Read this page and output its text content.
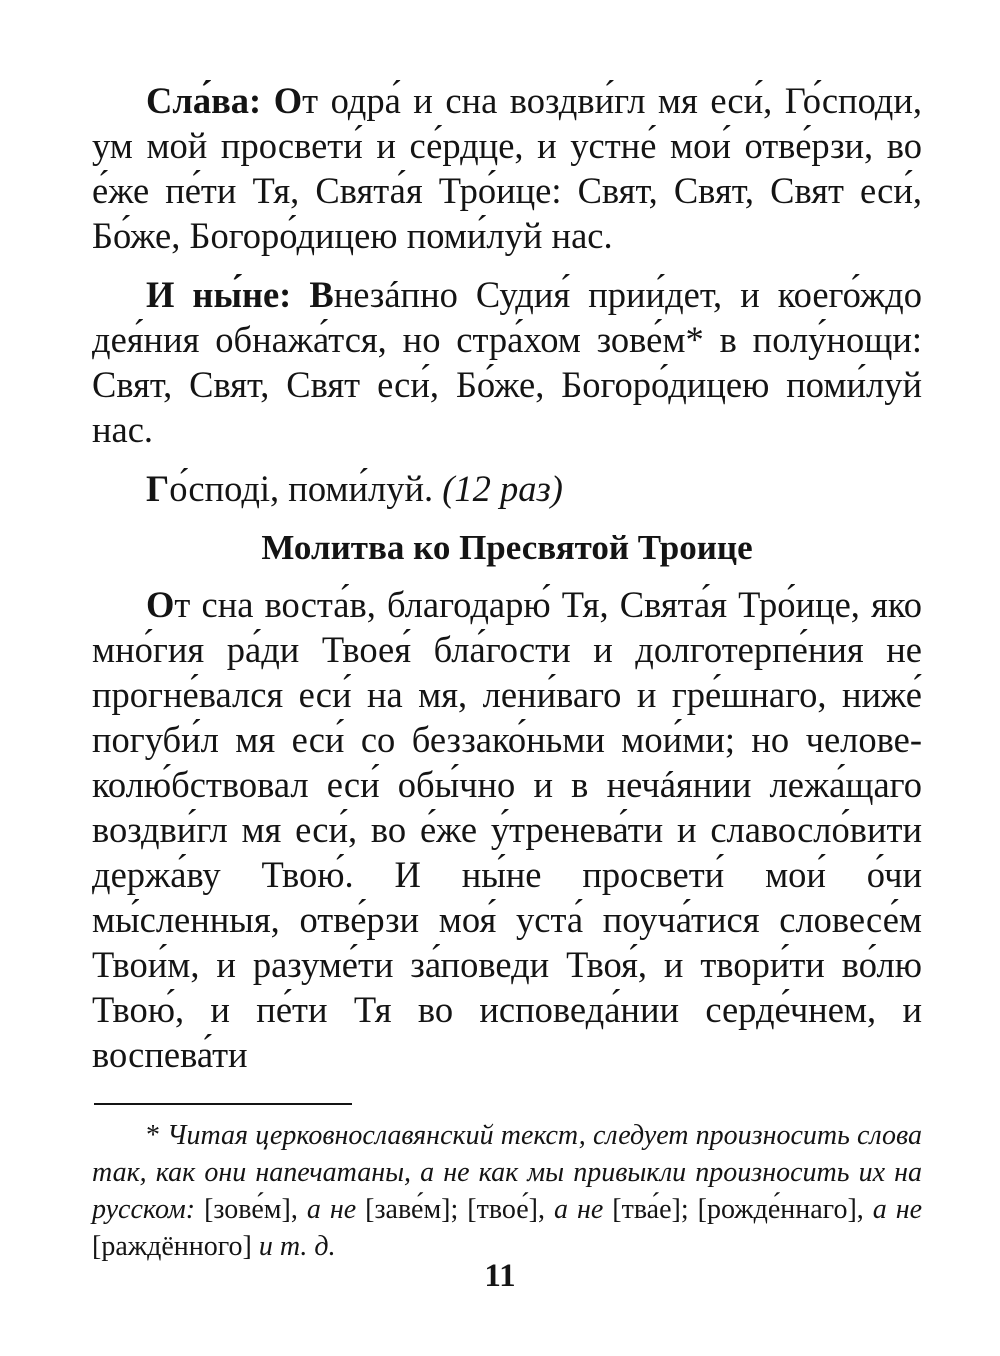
Сла́ва: От одра́ и сна воздви́гл мя еси́, Го́споди, ум мой просвети́ и се́рдце, и устне́ мои́ отве́рзи, во е́же пе́ти Тя, Свята́я Тро́ице: Свят, Свят, Свят еси́, Бо́же, Богоро́дицею поми́луй нас.

И ны́не: Внезáпно Судия́ прии́дет, и коего́ждо дея́ния обнажа́тся, но стра́хом зове́м* в полу́нощи: Свят, Свят, Свят еси́, Бо́же, Богоро́дицею поми́луй нас.

Го́сподi, поми́луй. (12 раз)

Молитва ко Пресвятой Троице

От сна воста́в, благодарю́ Тя, Свята́я Тро́ице, яко мно́гия ра́ди Твоея́ бла́гости и долготерпе́ния не прогне́вался еси́ на мя, лени́ваго и гре́шнаго, ниже́ погуби́л мя еси́ со беззако́ньми мои́ми; но челове-колю́бствовал еси́ обы́чно и в нечáянии лежа́щаго воздви́гл мя еси́, во е́же у́тренева́ти и славосло́вити держа́ву Твою́. И ны́не просвети́ мои́ о́чи мы́сленныя, отве́рзи моя́ уста́ поуча́тися словесе́м Твои́м, и разуме́ти за́поведи Твоя́, и твори́ти во́лю Твою́, и пе́ти Тя во исповеда́нии серде́чнем, и воспева́ти

* Читая церковнославянский текст, следует произносить слова так, как они напечатаны, а не как мы привыкли произносить их на русском: [зове́м], а не [заве́м]; [твое́], а не [тва́е]; [рожде́ннаго], а не [раждённого] и т. д.

11
